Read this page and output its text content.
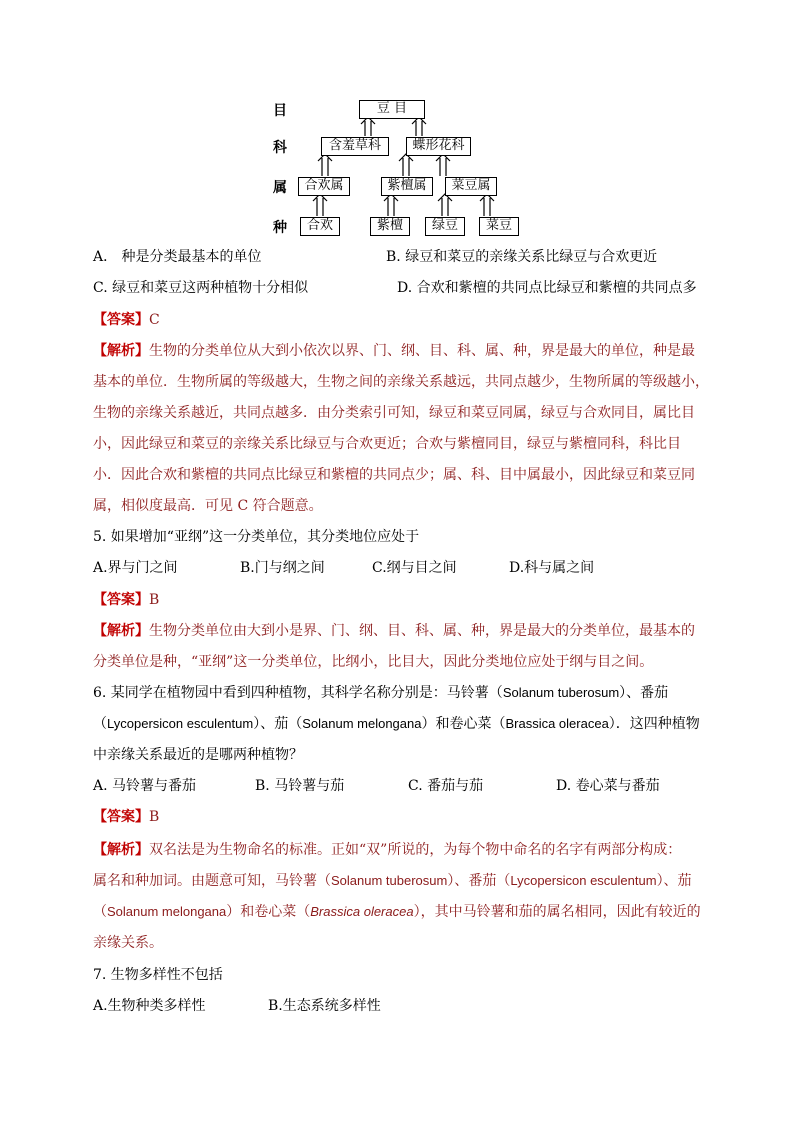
目
科
属
种
豆 目
含羞草科	蝶形花科
合欢属	紫檀属	菜豆属
合欢	紫檀	绿豆	菜豆
A． 种是分类最基本的单位	B. 绿豆和菜豆的亲缘关系比绿豆与合欢更近
C. 绿豆和菜豆这两种植物十分相似	D. 合欢和紫檀的共同点比绿豆和紫檀的共同点多
【答案】C
【解析】生物的分类单位从大到小依次以界、门、纲、目、科、属、种，界是最大的单位，种是最
基本的单位．生物所属的等级越大，生物之间的亲缘关系越远，共同点越少，生物所属的等级越小，
生物的亲缘关系越近，共同点越多．由分类索引可知，绿豆和菜豆同属，绿豆与合欢同目，属比目
小，因此绿豆和菜豆的亲缘关系比绿豆与合欢更近；合欢与紫檀同目，绿豆与紫檀同科，科比目
小．因此合欢和紫檀的共同点比绿豆和紫檀的共同点少；属、科、目中属最小，因此绿豆和菜豆同
属，相似度最高．可见 C 符合题意。
5. 如果增加“亚纲”这一分类单位，其分类地位应处于
A.界与门之间	B.门与纲之间	C.纲与目之间	D.科与属之间
【答案】B
【解析】生物分类单位由大到小是界、门、纲、目、科、属、种，界是最大的分类单位，最基本的
分类单位是种，“亚纲”这一分类单位，比纲小，比目大，因此分类地位应处于纲与目之间。
6. 某同学在植物园中看到四种植物，其科学名称分别是：马铃薯（Solanum tuberosum）、番茄
（Lycopersicon esculentum）、茄（Solanum melongana）和卷心菜（Brassica oleracea）．这四种植物
中亲缘关系最近的是哪两种植物？
A. 马铃薯与番茄	B. 马铃薯与茄	C. 番茄与茄	D. 卷心菜与番茄
【答案】B
【解析】双名法是为生物命名的标准。正如“双”所说的，为每个物中命名的名字有两部分构成：
属名和种加词。由题意可知，马铃薯（Solanum tuberosum）、番茄（Lycopersicon esculentum）、茄
（Solanum melongana）和卷心菜（Brassica oleracea），其中马铃薯和茄的属名相同，因此有较近的
亲缘关系。
7. 生物多样性不包括
A.生物种类多样性	B.生态系统多样性
